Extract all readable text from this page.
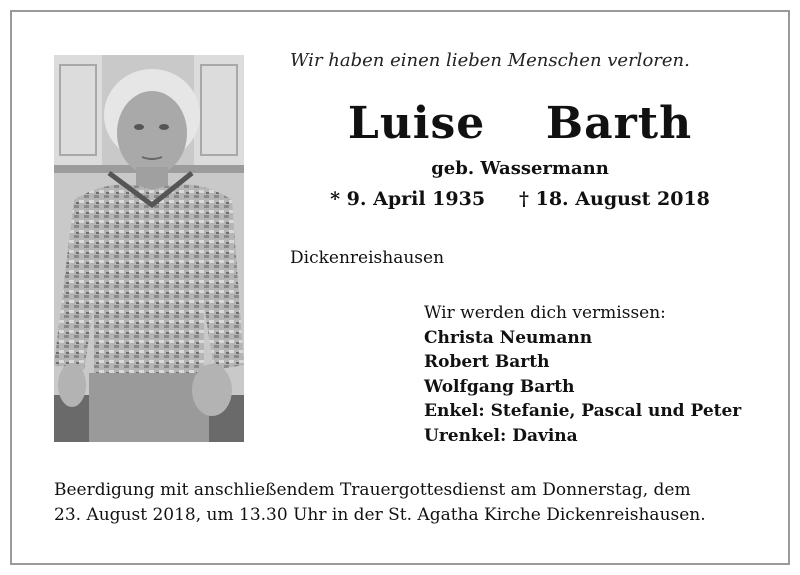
Wir haben einen lieben Menschen verloren.
Luise  Barth
geb. Wassermann
* 9. April 1935 † 18. August 2018
Dickenreishausen
Wir werden dich vermissen:
Christa Neumann
Robert Barth
Wolfgang Barth
Enkel: Stefanie, Pascal und Peter
Urenkel: Davina
Beerdigung mit anschließendem Trauergottesdienst am Donnerstag, dem
23. August 2018, um 13.30 Uhr in der St. Agatha Kirche Dickenreishausen.
